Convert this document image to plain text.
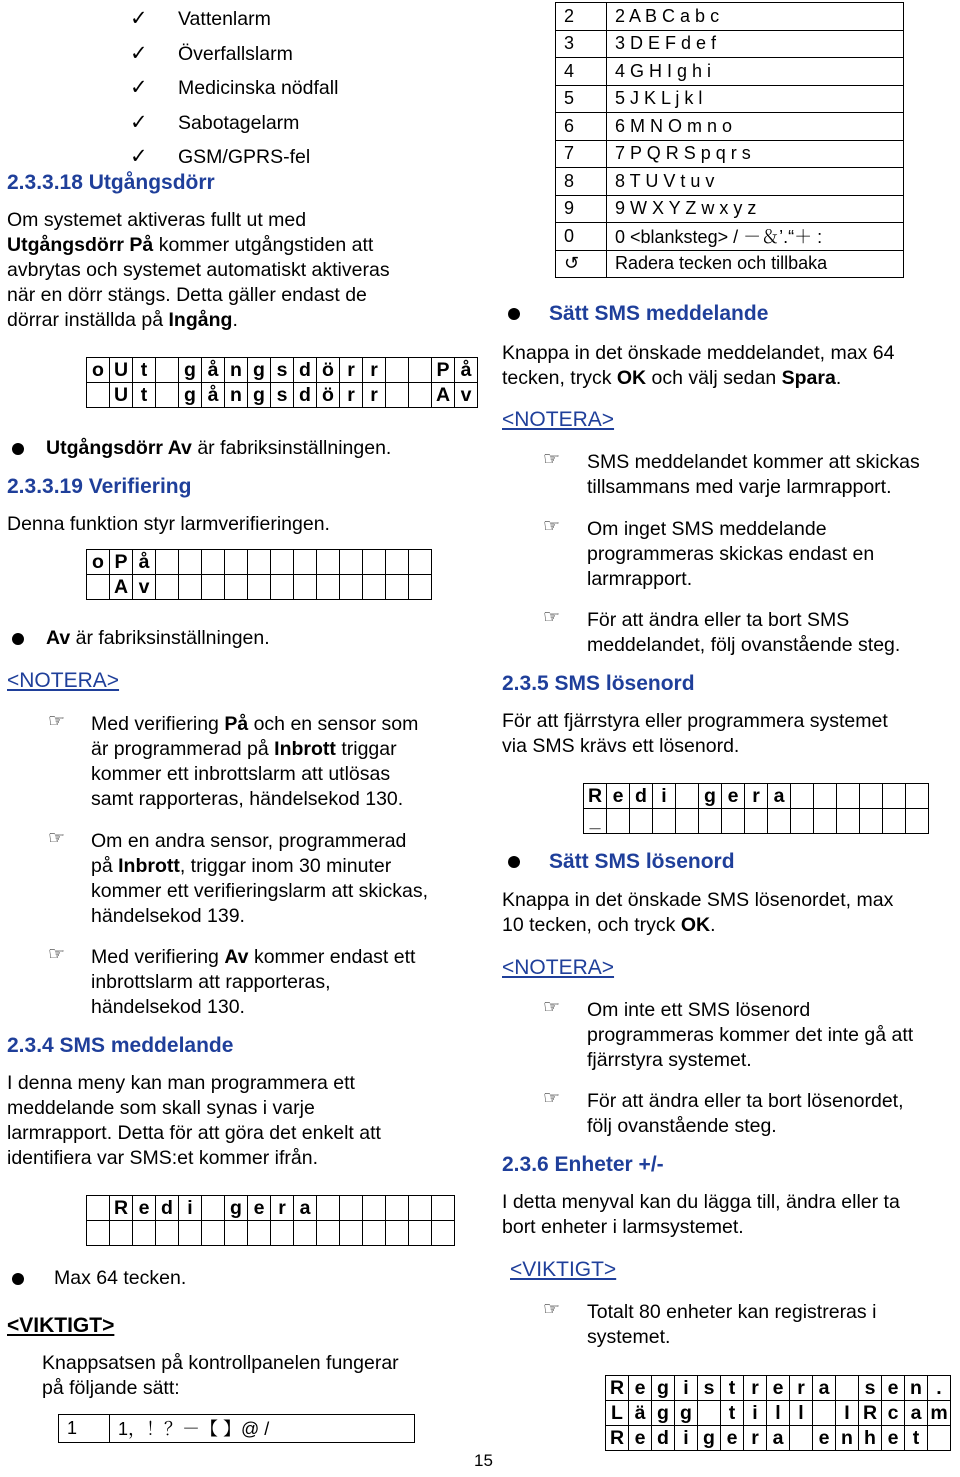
✓ Vattenlarm
✓ Överfallslarm
✓ Medicinska nödfall
✓ Sabotagelarm
✓ GSM/GPRS-fel
2.3.3.18 Utgångsdörr
Om systemet aktiveras fullt ut med
Utgångsdörr På kommer utgångstiden att
avbrytas och systemet automatiskt aktiveras
när en dörr stängs. Detta gäller endast de
dörrar inställda på Ingång.
o	U	t		g	å	n	g	s	d	ö	r	r			P	å
	U	t		g	å	n	g	s	d	ö	r	r			A	v
Utgångsdörr Av är fabriksinställningen.
2.3.3.19 Verifiering
Denna funktion styr larmverifieringen.
o	P	å												
	A	v												
Av är fabriksinställningen.
<NOTERA>
☞ Med verifiering På och en sensor som
är programmerad på Inbrott triggar
kommer ett inbrottslarm att utlösas
samt rapporteras, händelsekod 130.
☞ Om en andra sensor, programmerad
på Inbrott, triggar inom 30 minuter
kommer ett verifieringslarm att skickas,
händelsekod 139.
☞ Med verifiering Av kommer endast ett
inbrottslarm att rapporteras,
händelsekod 130.
2.3.4 SMS meddelande
I denna meny kan man programmera ett
meddelande som skall synas i varje
larmrapport. Detta för att göra det enkelt att
identifiera var SMS:et kommer ifrån.
	R	e	d	i		g	e	r	a						

Max 64 tecken.
<VIKTIGT>
Knappsatsen på kontrollpanelen fungerar
på följande sätt:
1	1，！？－【 】@ /
15
2	2 A B C a b c
3	3 D E F d e f
4	4 G H I g h i
5	5 J K L j k l
6	6 M N O m n o
7	7 P Q R S p q r s
8	8 T U V t u v
9	9 W X Y Z w x y z
0	0 <blanksteg> / －＆’.“＋ :
↺	Radera tecken och tillbaka
Sätt SMS meddelande
Knappa in det önskade meddelandet, max 64
tecken, tryck OK och välj sedan Spara.
<NOTERA>
☞ SMS meddelandet kommer att skickas
tillsammans med varje larmrapport.
☞ Om inget SMS meddelande
programmeras skickas endast en
larmrapport.
☞ För att ändra eller ta bort SMS
meddelandet, följ ovanstående steg.
2.3.5 SMS lösenord
För att fjärrstyra eller programmera systemet
via SMS krävs ett lösenord.
R	e	d	i		g	e	r	a						
_														
Sätt SMS lösenord
Knappa in det önskade SMS lösenordet, max
10 tecken, och tryck OK.
<NOTERA>
☞ Om inte ett SMS lösenord
programmeras kommer det inte gå att
fjärrstyra systemet.
☞ För att ändra eller ta bort lösenordet,
följ ovanstående steg.
2.3.6 Enheter +/-
I detta menyval kan du lägga till, ändra eller ta
bort enheter i larmsystemet.
<VIKTIGT>
☞ Totalt 80 enheter kan registreras i
systemet.
R	e	g	i	s	t	r	e	r	a		s	e	n	.
L	ä	g	g		t	i	l	l		I	R	c	a	m
R	e	d	i	g	e	r	a		e	n	h	e	t	
